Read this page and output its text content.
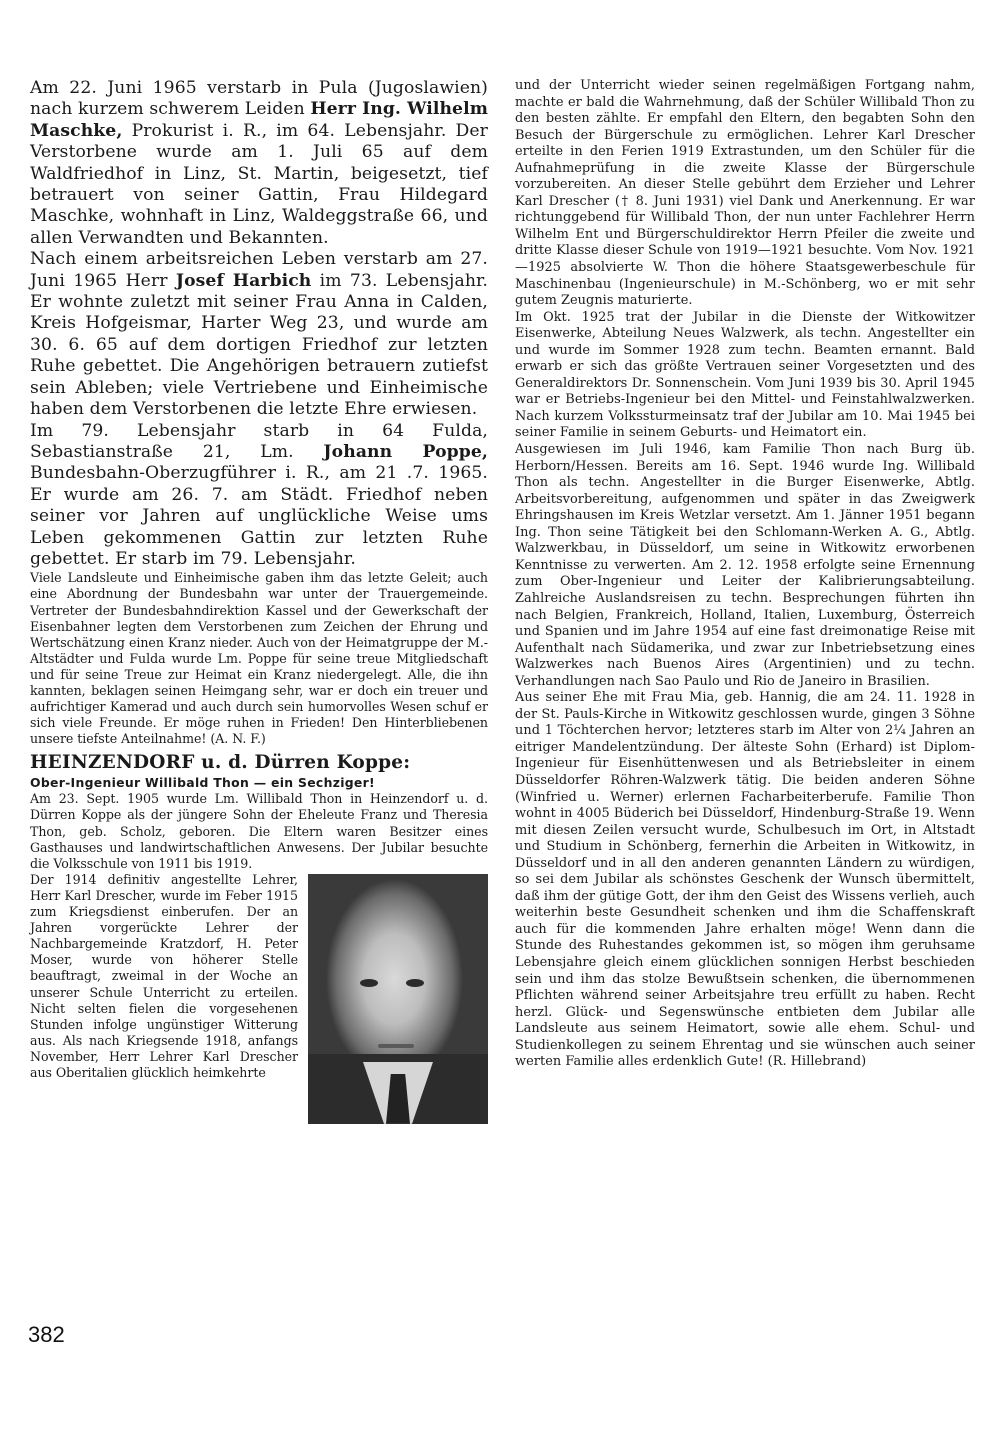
Am 22. Juni 1965 verstarb in Pula (Jugoslawien) nach kurzem schwerem Leiden Herr Ing. Wilhelm Maschke, Prokurist i. R., im 64. Lebensjahr. Der Verstorbene wurde am 1. Juli 65 auf dem Waldfriedhof in Linz, St. Martin, beigesetzt, tief betrauert von seiner Gattin, Frau Hildegard Maschke, wohnhaft in Linz, Waldeggstraße 66, und allen Verwandten und Bekannten.

Nach einem arbeitsreichen Leben verstarb am 27. Juni 1965 Herr Josef Harbich im 73. Lebensjahr. Er wohnte zuletzt mit seiner Frau Anna in Calden, Kreis Hofgeismar, Harter Weg 23, und wurde am 30. 6. 65 auf dem dortigen Friedhof zur letzten Ruhe gebettet. Die Angehörigen betrauern zutiefst sein Ableben; viele Vertriebene und Einheimische haben dem Verstorbenen die letzte Ehre erwiesen.

Im 79. Lebensjahr starb in 64 Fulda, Sebastianstraße 21, Lm. Johann Poppe, Bundesbahn-Oberzugführer i. R., am 21 .7. 1965. Er wurde am 26. 7. am Städt. Friedhof neben seiner vor Jahren auf unglückliche Weise ums Leben gekommenen Gattin zur letzten Ruhe gebettet. Er starb im 79. Lebensjahr.

Viele Landsleute und Einheimische gaben ihm das letzte Geleit; auch eine Abordnung der Bundesbahn war unter der Trauergemeinde. Vertreter der Bundesbahndirektion Kassel und der Gewerkschaft der Eisenbahner legten dem Verstorbenen zum Zeichen der Ehrung und Wertschätzung einen Kranz nieder. Auch von der Heimatgruppe der M.-Altstädter und Fulda wurde Lm. Poppe für seine treue Mitgliedschaft und für seine Treue zur Heimat ein Kranz niedergelegt. Alle, die ihn kannten, beklagen seinen Heimgang sehr, war er doch ein treuer und aufrichtiger Kamerad und auch durch sein humorvolles Wesen schuf er sich viele Freunde. Er möge ruhen in Frieden! Den Hinterbliebenen unsere tiefste Anteilnahme! (A. N. F.)

HEINZENDORF u. d. Dürren Koppe:
Ober-Ingenieur Willibald Thon — ein Sechziger!

Am 23. Sept. 1905 wurde Lm. Willibald Thon in Heinzendorf u. d. Dürren Koppe als der jüngere Sohn der Eheleute Franz und Theresia Thon, geb. Scholz, geboren. Die Eltern waren Besitzer eines Gasthauses und landwirtschaftlichen Anwesens. Der Jubilar besuchte die Volksschule von 1911 bis 1919.

Der 1914 definitiv angestellte Lehrer, Herr Karl Drescher, wurde im Feber 1915 zum Kriegsdienst einberufen. Der an Jahren vorgerückte Lehrer der Nachbargemeinde Kratzdorf, H. Peter Moser, wurde von höherer Stelle beauftragt, zweimal in der Woche an unserer Schule Unterricht zu erteilen. Nicht selten fielen die vorgesehenen Stunden infolge ungünstiger Witterung aus. Als nach Kriegsende 1918, anfangs November, Herr Lehrer Karl Drescher aus Oberitalien glücklich heimkehrte

und der Unterricht wieder seinen regelmäßigen Fortgang nahm, machte er bald die Wahrnehmung, daß der Schüler Willibald Thon zu den besten zählte. Er empfahl den Eltern, den begabten Sohn den Besuch der Bürgerschule zu ermöglichen. Lehrer Karl Drescher erteilte in den Ferien 1919 Extrastunden, um den Schüler für die Aufnahmeprüfung in die zweite Klasse der Bürgerschule vorzubereiten. An dieser Stelle gebührt dem Erzieher und Lehrer Karl Drescher († 8. Juni 1931) viel Dank und Anerkennung. Er war richtunggebend für Willibald Thon, der nun unter Fachlehrer Herrn Wilhelm Ent und Bürgerschuldirektor Herrn Pfeiler die zweite und dritte Klasse dieser Schule von 1919—1921 besuchte. Vom Nov. 1921—1925 absolvierte W. Thon die höhere Staatsgewerbeschule für Maschinenbau (Ingenieurschule) in M.-Schönberg, wo er mit sehr gutem Zeugnis maturierte.

Im Okt. 1925 trat der Jubilar in die Dienste der Witkowitzer Eisenwerke, Abteilung Neues Walzwerk, als techn. Angestellter ein und wurde im Sommer 1928 zum techn. Beamten ernannt. Bald erwarb er sich das größte Vertrauen seiner Vorgesetzten und des Generaldirektors Dr. Sonnenschein. Vom Juni 1939 bis 30. April 1945 war er Betriebs-Ingenieur bei den Mittel- und Feinstahlwalzwerken. Nach kurzem Volkssturmeinsatz traf der Jubilar am 10. Mai 1945 bei seiner Familie in seinem Geburts- und Heimatort ein.

Ausgewiesen im Juli 1946, kam Familie Thon nach Burg üb. Herborn/Hessen. Bereits am 16. Sept. 1946 wurde Ing. Willibald Thon als techn. Angestellter in die Burger Eisenwerke, Abtlg. Arbeitsvorbereitung, aufgenommen und später in das Zweigwerk Ehringshausen im Kreis Wetzlar versetzt. Am 1. Jänner 1951 begann Ing. Thon seine Tätigkeit bei den Schlomann-Werken A. G., Abtlg. Walzwerkbau, in Düsseldorf, um seine in Witkowitz erworbenen Kenntnisse zu verwerten. Am 2. 12. 1958 erfolgte seine Ernennung zum Ober-Ingenieur und Leiter der Kalibrierungsabteilung. Zahlreiche Auslandsreisen zu techn. Besprechungen führten ihn nach Belgien, Frankreich, Holland, Italien, Luxemburg, Österreich und Spanien und im Jahre 1954 auf eine fast dreimonatige Reise mit Aufenthalt nach Südamerika, und zwar zur Inbetriebsetzung eines Walzwerkes nach Buenos Aires (Argentinien) und zu techn. Verhandlungen nach Sao Paulo und Rio de Janeiro in Brasilien.

Aus seiner Ehe mit Frau Mia, geb. Hannig, die am 24. 11. 1928 in der St. Pauls-Kirche in Witkowitz geschlossen wurde, gingen 3 Söhne und 1 Töchterchen hervor; letzteres starb im Alter von 2¼ Jahren an eitriger Mandelentzündung. Der älteste Sohn (Erhard) ist Diplom-Ingenieur für Eisenhüttenwesen und als Betriebsleiter in einem Düsseldorfer Röhren-Walzwerk tätig. Die beiden anderen Söhne (Winfried u. Werner) erlernen Facharbeiterberufe. Familie Thon wohnt in 4005 Büderich bei Düsseldorf, Hindenburg-Straße 19. Wenn mit diesen Zeilen versucht wurde, Schulbesuch im Ort, in Altstadt und Studium in Schönberg, fernerhin die Arbeiten in Witkowitz, in Düsseldorf und in all den anderen genannten Ländern zu würdigen, so sei dem Jubilar als schönstes Geschenk der Wunsch übermittelt, daß ihm der gütige Gott, der ihm den Geist des Wissens verlieh, auch weiterhin beste Gesundheit schenken und ihm die Schaffenskraft auch für die kommenden Jahre erhalten möge! Wenn dann die Stunde des Ruhestandes gekommen ist, so mögen ihm geruhsame Lebensjahre gleich einem glücklichen sonnigen Herbst beschieden sein und ihm das stolze Bewußtsein schenken, die übernommenen Pflichten während seiner Arbeitsjahre treu erfüllt zu haben. Recht herzl. Glück- und Segenswünsche entbieten dem Jubilar alle Landsleute aus seinem Heimatort, sowie alle ehem. Schul- und Studienkollegen zu seinem Ehrentag und sie wünschen auch seiner werten Familie alles erdenklich Gute! (R. Hillebrand)

382
